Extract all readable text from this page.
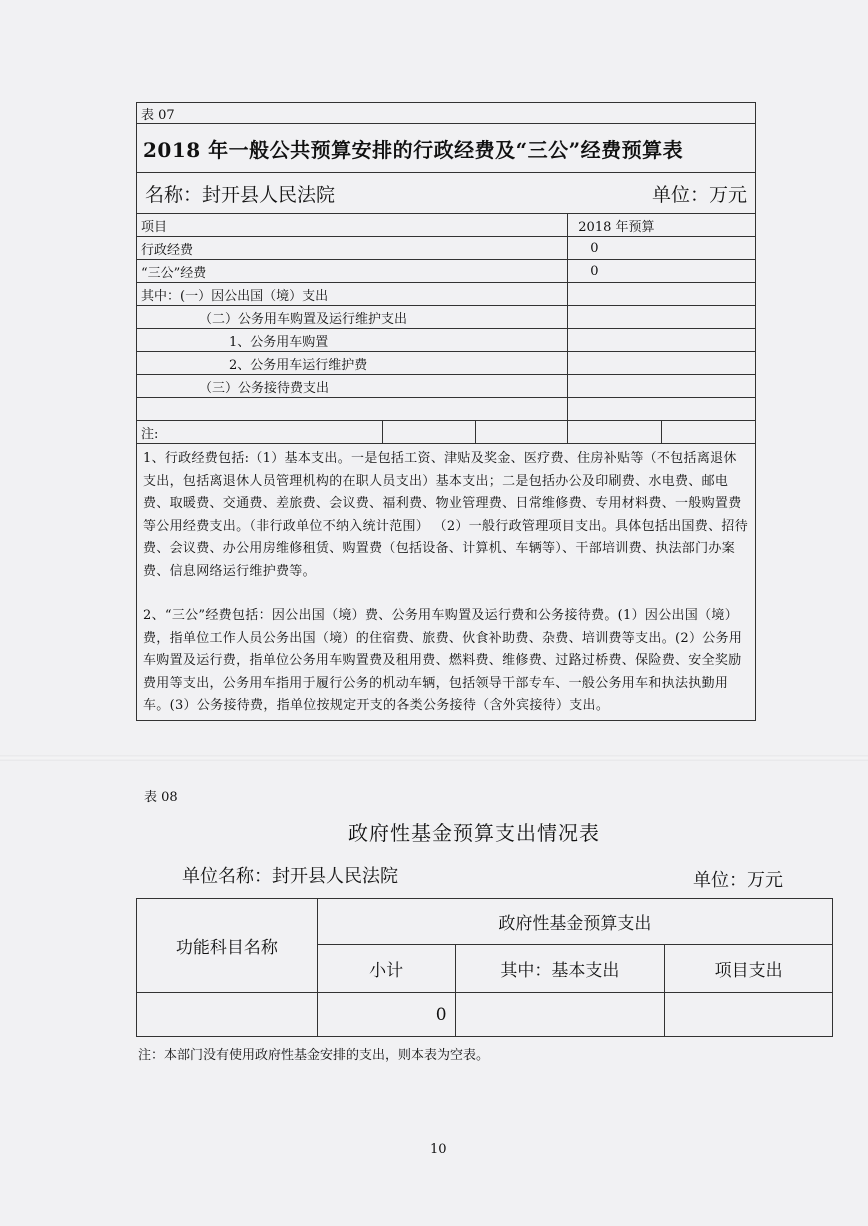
表 07				
2018 年一般公共预算安排的行政经费及“三公”经费预算表				
名称：封开县人民法院 单位：万元				

项目			2018 年预算	
行政经费			0	
“三公”经费			0	
其中：(一）因公出国（境）支出				
（二）公务用车购置及运行维护支出				
1、公务用车购置				
2、公务用车运行维护费				
（三）公务接待费支出				

注:				

1、行政经费包括:（1）基本支出。一是包括工资、津贴及奖金、医疗费、住房补贴等（不包括离退休支出，包括离退休人员管理机构的在职人员支出）基本支出；二是包括办公及印刷费、水电费、邮电费、取暖费、交通费、差旅费、会议费、福利费、物业管理费、日常维修费、专用材料费、一般购置费等公用经费支出。（非行政单位不纳入统计范围） （2）一般行政管理项目支出。具体包括出国费、招待费、会议费、办公用房维修租赁、购置费（包括设备、计算机、车辆等）、干部培训费、执法部门办案费、信息网络运行维护费等。
2、“三公”经费包括：因公出国（境）费、公务用车购置及运行费和公务接待费。(1）因公出国（境）费，指单位工作人员公务出国（境）的住宿费、旅费、伙食补助费、杂费、培训费等支出。(2）公务用车购置及运行费，指单位公务用车购置费及租用费、燃料费、维修费、过路过桥费、保险费、安全奖励费用等支出，公务用车指用于履行公务的机动车辆，包括领导干部专车、一般公务用车和执法执勤用车。(3）公务接待费，指单位按规定开支的各类公务接待（含外宾接待）支出。				
表 08
政府性基金预算支出情况表
单位名称：封开县人民法院	单位：万元
功能科目名称	政府性基金预算支出		
	小计	其中：基本支出	项目支出
	0		
注：本部门没有使用政府性基金安排的支出，则本表为空表。
10
